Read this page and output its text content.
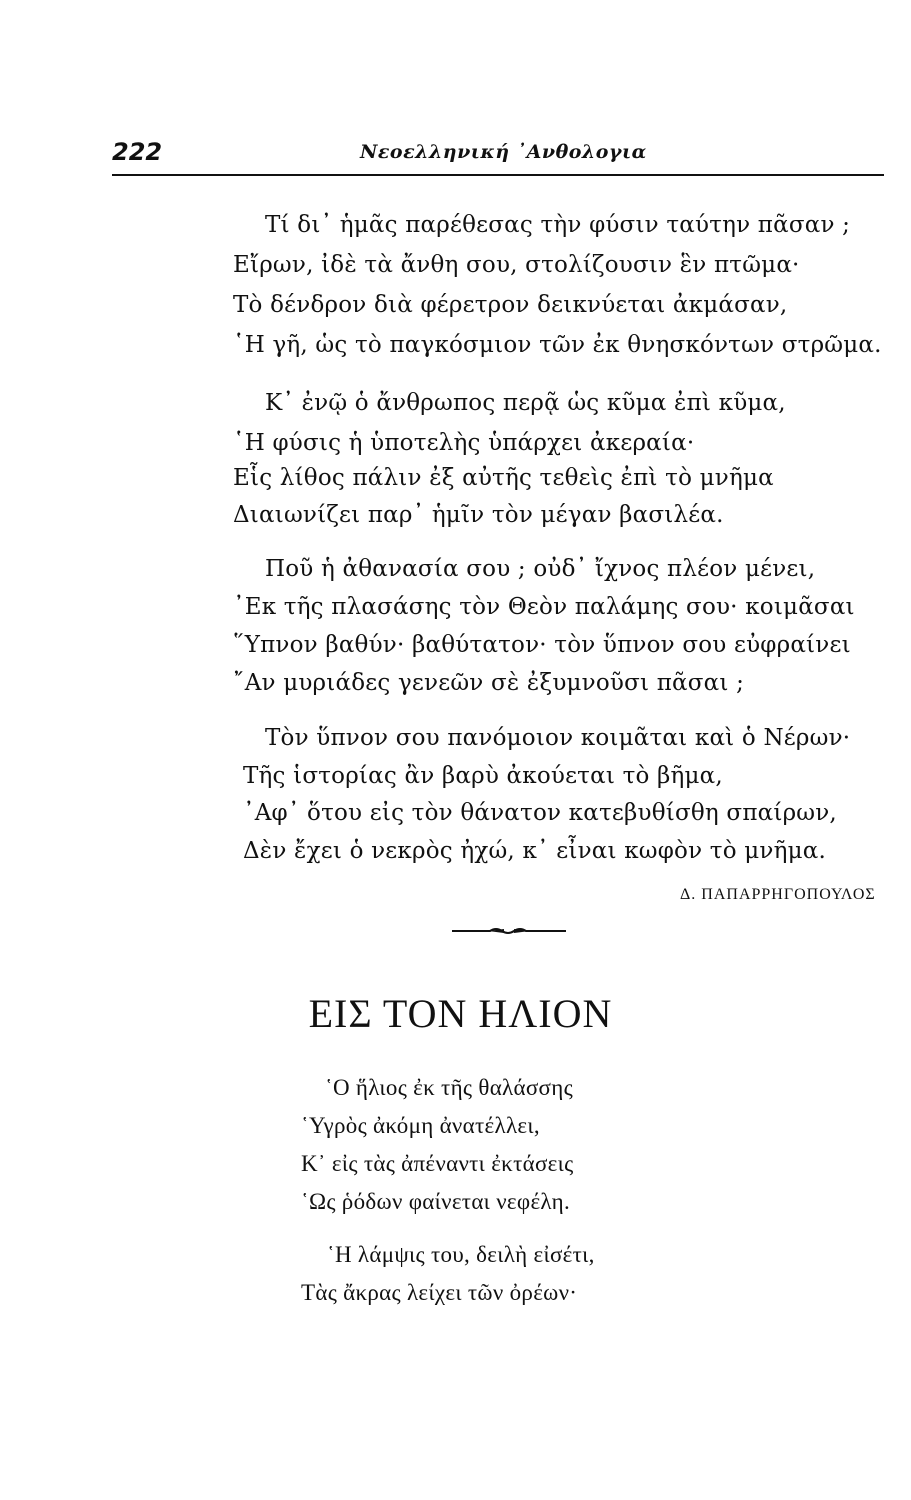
222	Νεοελληνική ᾽Ανθολογια
Τί δι᾽ ἡμᾶς παρέθεσας τὴν φύσιν ταύτην πᾶσαν ;
Εἴρων, ἰδὲ τὰ ἄνθη σου, στολίζουσιν ἓν πτῶμα·
Τὸ δένδρον διὰ φέρετρον δεικνύεται ἀκμάσαν,
῾Η γῆ, ὡς τὸ παγκόσμιον τῶν ἐκ θνησκόντων στρῶμα.
Κ᾽ ἐνῷ ὁ ἄνθρωπος περᾷ ὡς κῦμα ἐπὶ κῦμα,
῾Η φύσις ἡ ὑποτελὴς ὑπάρχει ἀκεραία·
Εἷς λίθος πάλιν ἐξ αὐτῆς τεθεὶς ἐπὶ τὸ μνῆμα
Διαιωνίζει παρ᾽ ἡμῖν τὸν μέγαν βασιλέα.
Ποῦ ἡ ἀθανασία σου ; οὐδ᾽ ἴχνος πλέον μένει,
᾽Εκ τῆς πλασάσης τὸν Θεὸν παλάμης σου· κοιμᾶσαι
῞Υπνον βαθύν· βαθύτατον· τὸν ὕπνον σου εὐφραίνει
῎Αν μυριάδες γενεῶν σὲ ἐξυμνοῦσι πᾶσαι ;
Τὸν ὕπνον σου πανόμοιον κοιμᾶται καὶ ὁ Νέρων·
Τῆς ἱστορίας ἂν βαρὺ ἀκούεται τὸ βῆμα,
᾽Αφ᾽ ὅτου εἰς τὸν θάνατον κατεβυθίσθη σπαίρων,
Δὲν ἔχει ὁ νεκρὸς ἠχώ, κ᾽ εἶναι κωφὸν τὸ μνῆμα.
Δ. ΠΑΠΑΡΡΗΓΟΠΟΥΛΟΣ
ΕΙΣ ΤΟΝ ΗΛΙΟΝ
῾Ο ἥλιος ἐκ τῆς θαλάσσης
῾Υγρὸς ἀκόμη ἀνατέλλει,
Κ᾽ εἰς τὰς ἀπέναντι ἐκτάσεις
῾Ως ῥόδων φαίνεται νεφέλη.
῾Η λάμψις του, δειλὴ εἰσέτι,
Τὰς ἄκρας λείχει τῶν ὀρέων·
